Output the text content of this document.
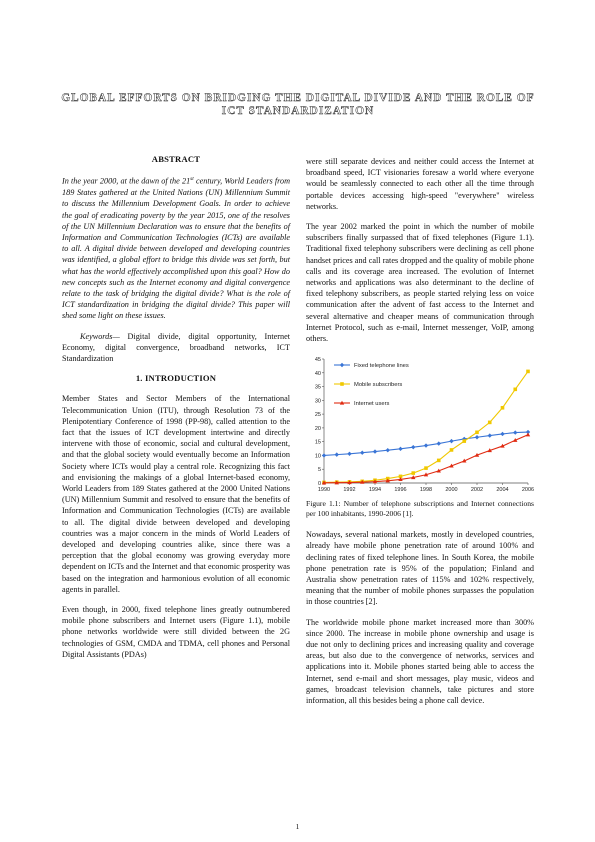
GLOBAL EFFORTS ON BRIDGING THE DIGITAL DIVIDE AND THE ROLE OF ICT STANDARDIZATION
ABSTRACT

In the year 2000, at the dawn of the 21st century, World Leaders from 189 States gathered at the United Nations (UN) Millennium Summit to discuss the Millennium Development Goals. In order to achieve the goal of eradicating poverty by the year 2015, one of the resolves of the UN Millennium Declaration was to ensure that the benefits of Information and Communication Technologies (ICTs) are available to all. A digital divide between developed and developing countries was identified, a global effort to bridge this divide was set forth, but what has the world effectively accomplished upon this goal? How do new concepts such as the Internet economy and digital convergence relate to the task of bridging the digital divide? What is the role of ICT standardization in bridging the digital divide? This paper will shed some light on these issues.

Keywords— Digital divide, digital opportunity, Internet Economy, digital convergence, broadband networks, ICT Standardization

1. INTRODUCTION

Member States and Sector Members of the International Telecommunication Union (ITU), through Resolution 73 of the Plenipotentiary Conference of 1998 (PP-98), called attention to the fact that the issues of ICT development intertwine and directly intervene with those of economic, social and cultural development, and that the global society would eventually become an Information Society where ICTs would play a central role. Recognizing this fact and envisioning the makings of a global Internet-based economy, World Leaders from 189 States gathered at the 2000 United Nations (UN) Millennium Summit and resolved to ensure that the benefits of Information and Communication Technologies (ICTs) are available to all. The digital divide between developed and developing countries was a major concern in the minds of World Leaders of developed and developing countries alike, since there was a perception that the global economy was growing everyday more dependent on ICTs and the Internet and that economic prosperity was based on the integration and harmonious evolution of all economic agents in parallel.

Even though, in 2000, fixed telephone lines greatly outnumbered mobile phone subscribers and Internet users (Figure 1.1), mobile phone networks worldwide were still divided between the 2G technologies of GSM, CMDA and TDMA, cell phones and Personal Digital Assistants (PDAs)

were still separate devices and neither could access the Internet at broadband speed, ICT visionaries foresaw a world where everyone would be seamlessly connected to each other all the time through portable devices accessing high-speed "everywhere" wireless networks.

The year 2002 marked the point in which the number of mobile subscribers finally surpassed that of fixed telephones (Figure 1.1). Traditional fixed telephony subscribers were declining as cell phone handset prices and call rates dropped and the quality of mobile phone calls and its coverage area increased. The evolution of Internet networks and applications was also determinant to the decline of fixed telephony subscribers, as people started relying less on voice communication after the advent of fast access to the Internet and several alternative and cheaper means of communication through Internet Protocol, such as e-mail, Internet messenger, VoIP, among others.

0
5
10
15
20
25
30
35
40
45
1990 1992 1994 1996 1998 2000 2002 2004 2006
Fixed telephone lines
Mobile subscribers
Internet users
Figure 1.1: Number of telephone subscriptions and Internet connections per 100 inhabitants, 1990-2006 [1].

Nowadays, several national markets, mostly in developed countries, already have mobile phone penetration rate of around 100% and declining rates of fixed telephone lines. In South Korea, the mobile phone penetration rate is 95% of the population; Finland and Australia show penetration rates of 115% and 102% respectively, meaning that the number of mobile phones surpasses the population in those countries [2].

The worldwide mobile phone market increased more than 300% since 2000. The increase in mobile phone ownership and usage is due not only to declining prices and increasing quality and coverage areas, but also due to the convergence of networks, services and applications into it. Mobile phones started being able to access the Internet, send e-mail and short messages, play music, videos and games, broadcast television channels, take pictures and store information, all this besides being a phone call device.

1
